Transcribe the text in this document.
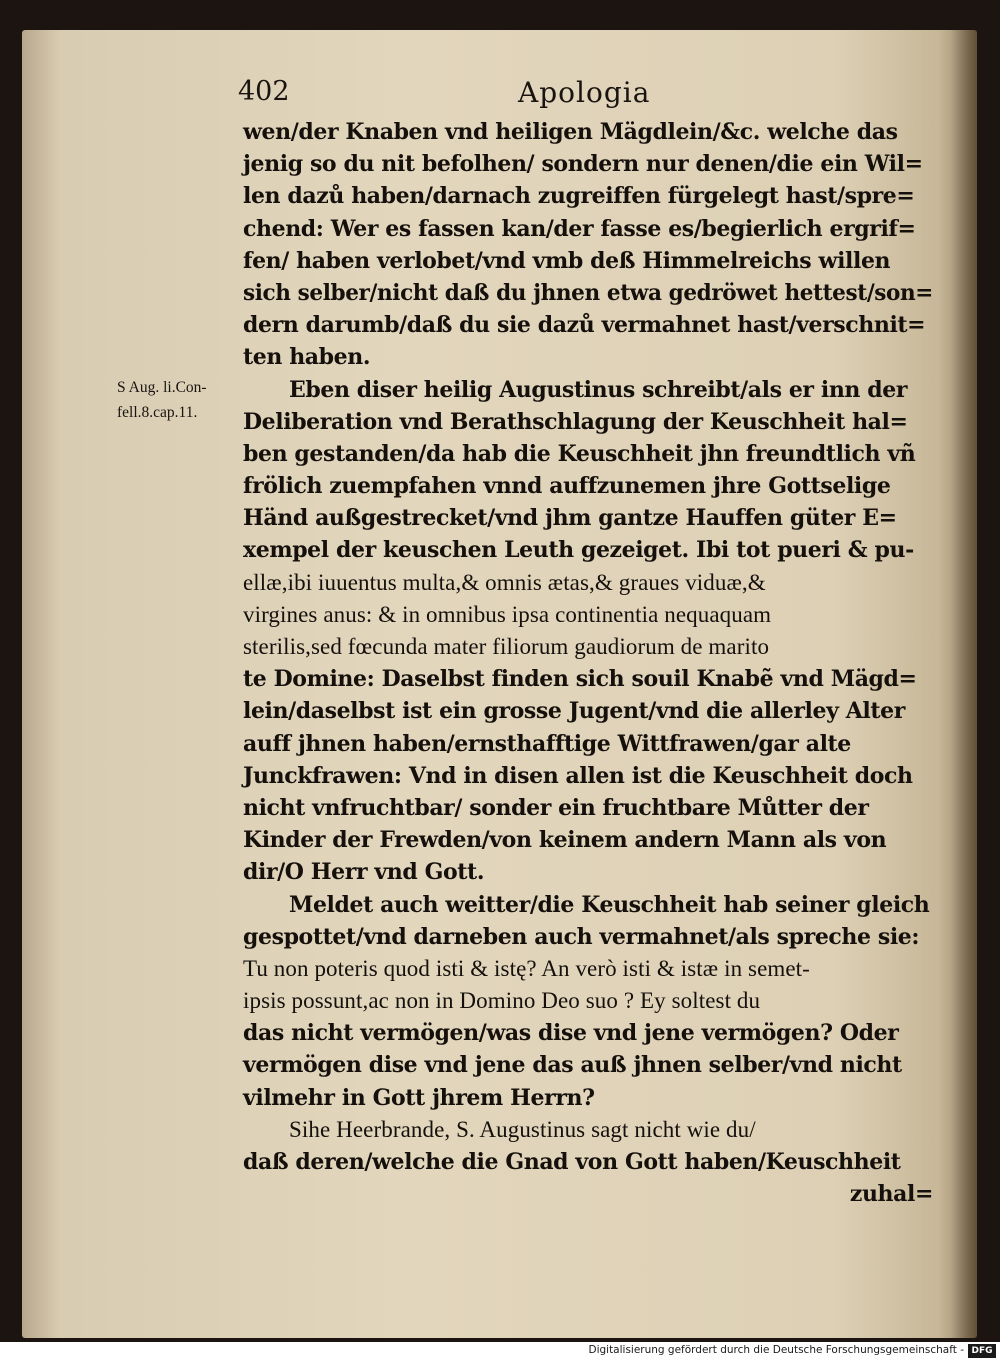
402	Apologia
S Aug. li.Con-
fell.8.cap.11.
wen/der Knaben vnd heiligen Mägdlein/&c. welche das
jenig so du nit befolhen/ sondern nur denen/die ein Wil=
len dazů haben/darnach zugreiffen fürgelegt hast/spre=
chend: Wer es fassen kan/der fasse es/begierlich ergrif=
fen/ haben verlobet/vnd vmb deß Himmelreichs willen
sich selber/nicht daß du jhnen etwa gedröwet hettest/son=
dern darumb/daß du sie dazů vermahnet hast/verschnit=
ten haben.
Eben diser heilig Augustinus schreibt/als er inn der
Deliberation vnd Berathschlagung der Keuschheit hal=
ben gestanden/da hab die Keuschheit jhn freundtlich vñ
frölich zuempfahen vnnd auffzunemen jhre Gottselige
Händ außgestrecket/vnd jhm gantze Hauffen güter E=
xempel der keuschen Leuth gezeiget. Ibi tot pueri & pu-
ellæ,ibi iuuentus multa,& omnis ætas,& graues viduæ,&
virgines anus: & in omnibus ipsa continentia nequaquam
sterilis,sed fœcunda mater filiorum gaudiorum de marito
te Domine: Daselbst finden sich souil Knabẽ vnd Mägd=
lein/daselbst ist ein grosse Jugent/vnd die allerley Alter
auff jhnen haben/ernsthafftige Wittfrawen/gar alte
Junckfrawen: Vnd in disen allen ist die Keuschheit doch
nicht vnfruchtbar/ sonder ein fruchtbare Můtter der
Kinder der Frewden/von keinem andern Mann als von
dir/O Herr vnd Gott.
Meldet auch weitter/die Keuschheit hab seiner gleich
gespottet/vnd darneben auch vermahnet/als spreche sie:
Tu non poteris quod isti & istę? An verò isti & istæ in semet-
ipsis possunt,ac non in Domino Deo suo ? Ey soltest du
das nicht vermögen/was dise vnd jene vermögen? Oder
vermögen dise vnd jene das auß jhnen selber/vnd nicht
vilmehr in Gott jhrem Herrn?
Sihe Heerbrande, S. Augustinus sagt nicht wie du/
daß deren/welche die Gnad von Gott haben/Keuschheit
zuhal=
Digitalisierung gefördert durch die Deutsche Forschungsgemeinschaft - DFG
